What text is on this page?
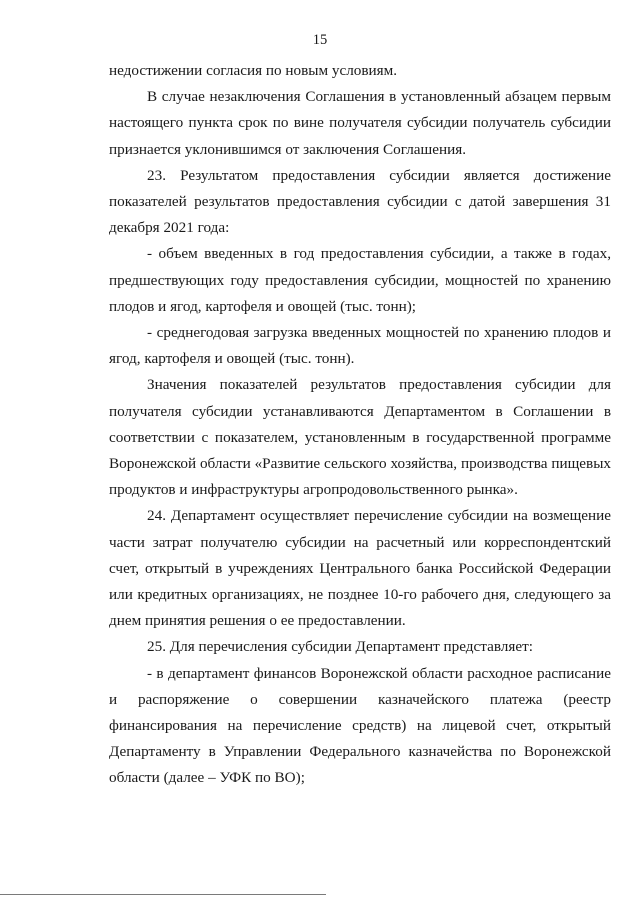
15

недостижении согласия по новым условиям.

В случае незаключения Соглашения в установленный абзацем первым настоящего пункта срок по вине получателя субсидии получатель субсидии признается уклонившимся от заключения Соглашения.

23. Результатом предоставления субсидии является достижение показателей результатов предоставления субсидии с датой завершения 31 декабря 2021 года:

- объем введенных в год предоставления субсидии, а также в годах, предшествующих году предоставления субсидии, мощностей по хранению плодов и ягод, картофеля и овощей (тыс. тонн);

- среднегодовая загрузка введенных мощностей по хранению плодов и ягод, картофеля и овощей (тыс. тонн).

Значения показателей результатов предоставления субсидии для получателя субсидии устанавливаются Департаментом в Соглашении в соответствии с показателем, установленным в государственной программе Воронежской области «Развитие сельского хозяйства, производства пищевых продуктов и инфраструктуры агропродовольственного рынка».

24. Департамент осуществляет перечисление субсидии на возмещение части затрат получателю субсидии на расчетный или корреспондентский счет, открытый в учреждениях Центрального банка Российской Федерации или кредитных организациях, не позднее 10-го рабочего дня, следующего за днем принятия решения о ее предоставлении.

25. Для перечисления субсидии Департамент представляет:

- в департамент финансов Воронежской области расходное расписание и распоряжение о совершении казначейского платежа (реестр финансирования на перечисление средств) на лицевой счет, открытый Департаменту в Управлении Федерального казначейства по Воронежской области (далее – УФК по ВО);
